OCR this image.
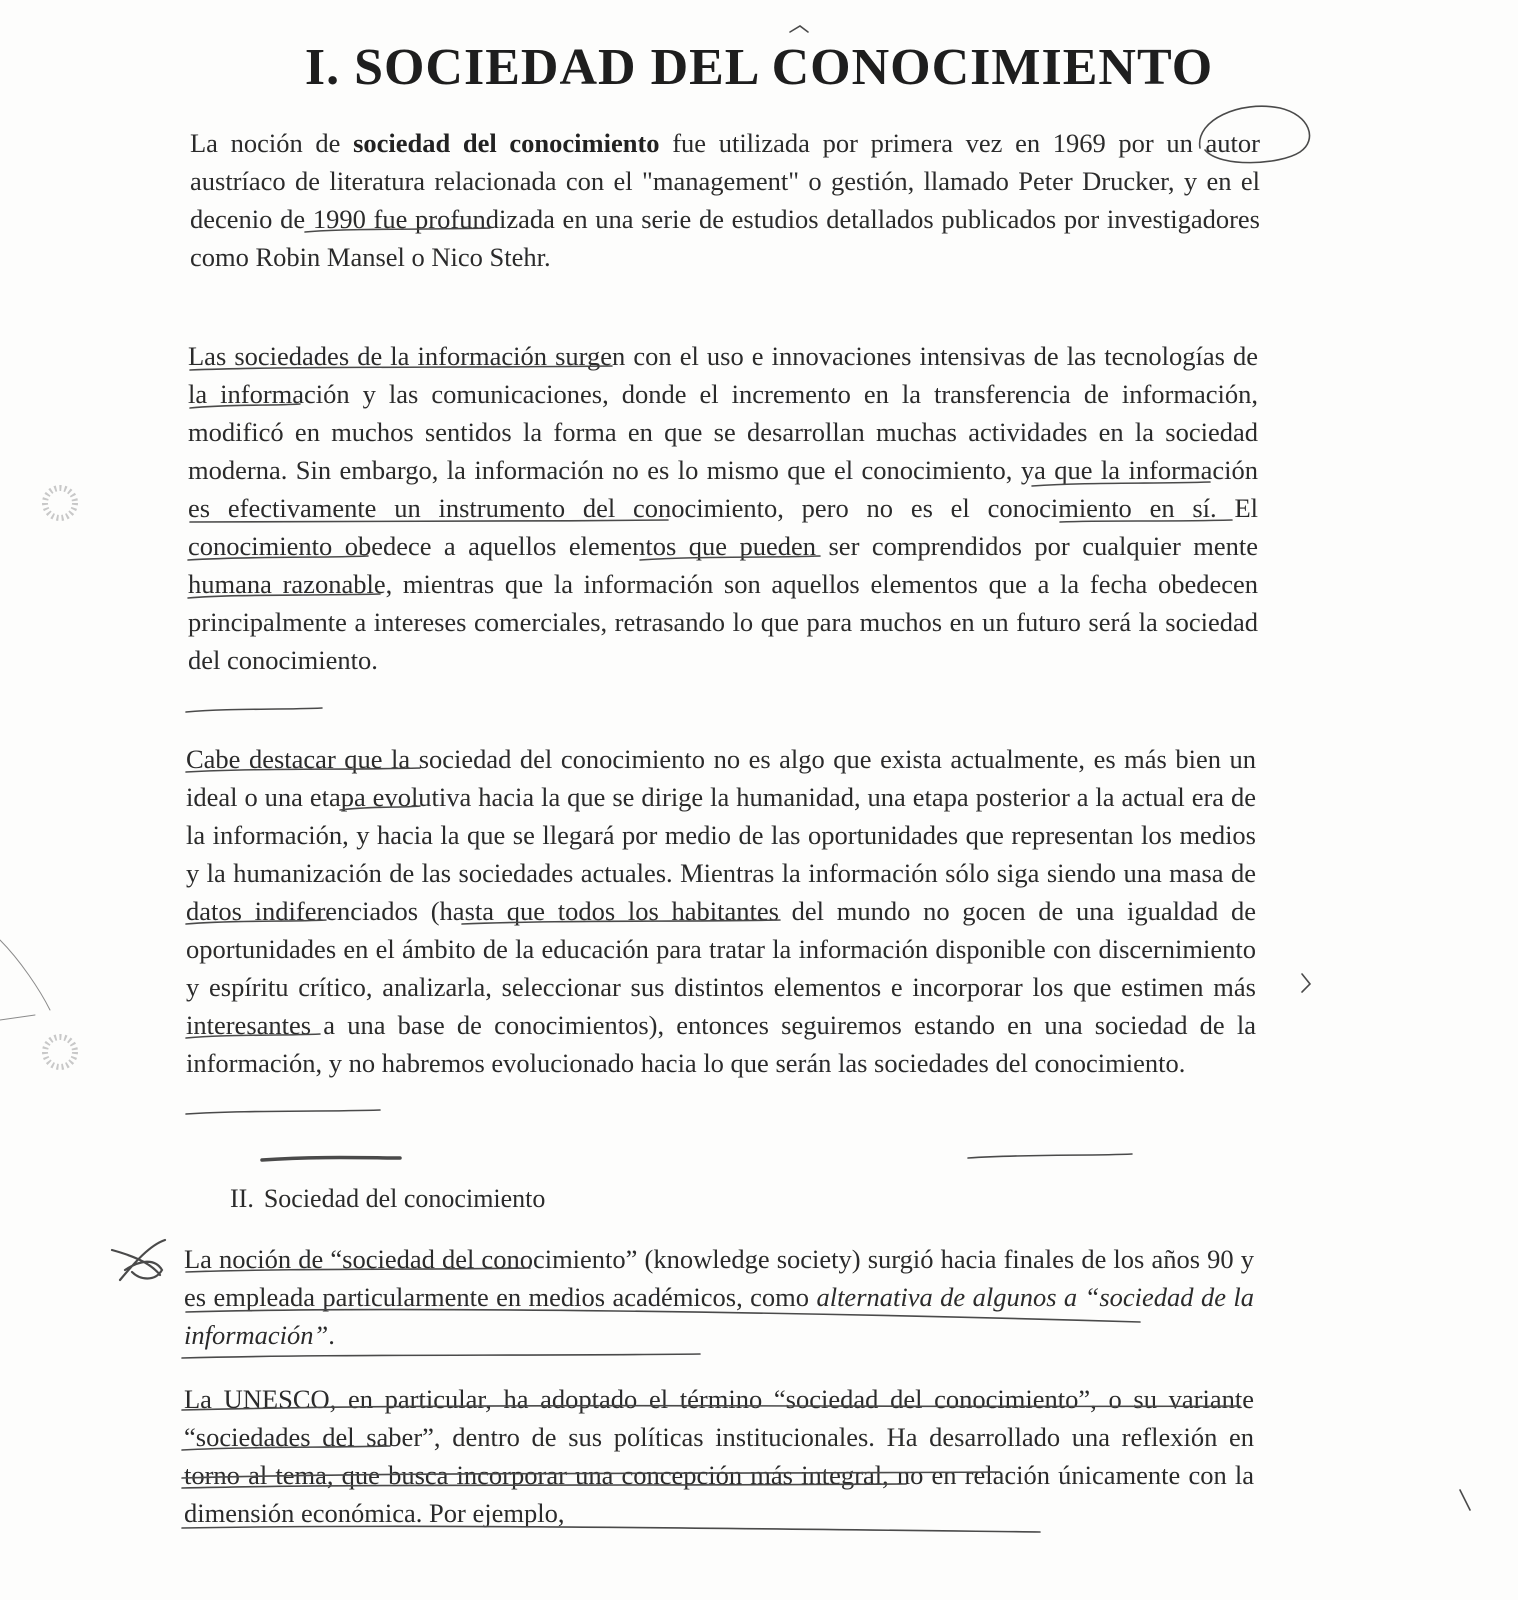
I. SOCIEDAD DEL CONOCIMIENTO

La noción de sociedad del conocimiento fue utilizada por primera vez en 1969 por un autor austríaco de literatura relacionada con el "management" o gestión, llamado Peter Drucker, y en el decenio de 1990 fue profundizada en una serie de estudios detallados publicados por investigadores como Robin Mansel o Nico Stehr.

Las sociedades de la información surgen con el uso e innovaciones intensivas de las tecnologías de la información y las comunicaciones, donde el incremento en la transferencia de información, modificó en muchos sentidos la forma en que se desarrollan muchas actividades en la sociedad moderna. Sin embargo, la información no es lo mismo que el conocimiento, ya que la información es efectivamente un instrumento del conocimiento, pero no es el conocimiento en sí. El conocimiento obedece a aquellos elementos que pueden ser comprendidos por cualquier mente humana razonable, mientras que la información son aquellos elementos que a la fecha obedecen principalmente a intereses comerciales, retrasando lo que para muchos en un futuro será la sociedad del conocimiento.

Cabe destacar que la sociedad del conocimiento no es algo que exista actualmente, es más bien un ideal o una etapa evolutiva hacia la que se dirige la humanidad, una etapa posterior a la actual era de la información, y hacia la que se llegará por medio de las oportunidades que representan los medios y la humanización de las sociedades actuales. Mientras la información sólo siga siendo una masa de datos indiferenciados (hasta que todos los habitantes del mundo no gocen de una igualdad de oportunidades en el ámbito de la educación para tratar la información disponible con discernimiento y espíritu crítico, analizarla, seleccionar sus distintos elementos e incorporar los que estimen más interesantes a una base de conocimientos), entonces seguiremos estando en una sociedad de la información, y no habremos evolucionado hacia lo que serán las sociedades del conocimiento.

II. Sociedad del conocimiento

La noción de “sociedad del conocimiento” (knowledge society) surgió hacia finales de los años 90 y es empleada particularmente en medios académicos, como alternativa de algunos a “sociedad de la información”.

La UNESCO, en particular, ha adoptado el término “sociedad del conocimiento”, o su variante “sociedades del saber”, dentro de sus políticas institucionales. Ha desarrollado una reflexión en torno al tema, que busca incorporar una concepción más integral, no en relación únicamente con la dimensión económica. Por ejemplo,
